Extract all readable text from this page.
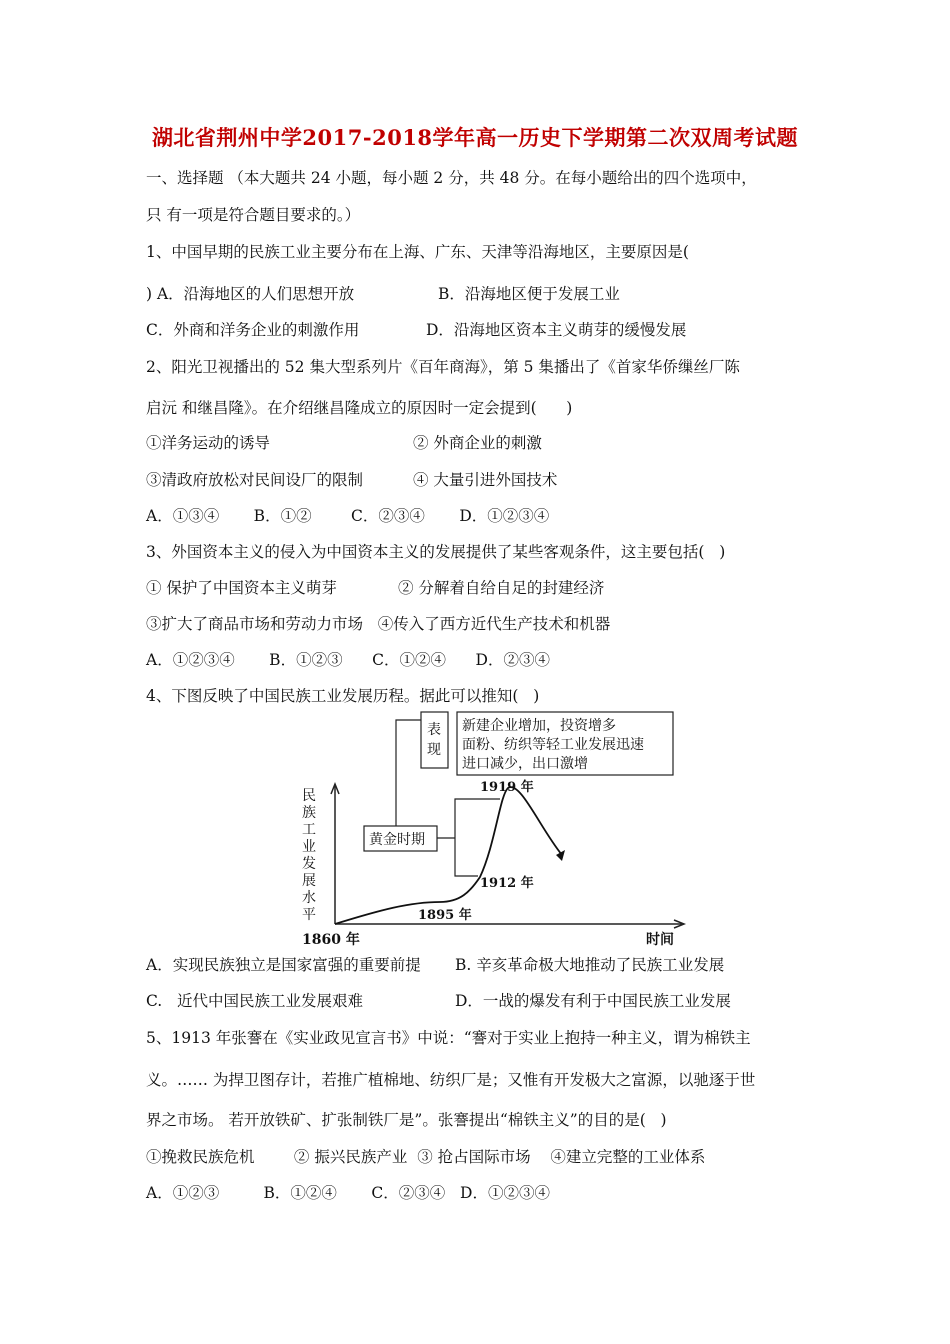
湖北省荆州中学2017-2018学年高一历史下学期第二次双周考试题
一、选择题 （本大题共 24 小题，每小题 2 分，共 48 分。在每小题给出的四个选项中，
只 有一项是符合题目要求的。）
1、中国早期的民族工业主要分布在上海、广东、天津等沿海地区，主要原因是(
) A．沿海地区的人们思想开放	B．沿海地区便于发展工业
C．外商和洋务企业的刺激作用	D．沿海地区资本主义萌芽的缓慢发展
2、阳光卫视播出的 52 集大型系列片《百年商海》，第 5 集播出了《首家华侨缫丝厂陈
启沅 和继昌隆》。在介绍继昌隆成立的原因时一定会提到(      )
①洋务运动的诱导	② 外商企业的刺激
③清政府放松对民间设厂的限制	④ 大量引进外国技术
A．①③④       B．①②        C．②③④       D．①②③④
3、外国资本主义的侵入为中国资本主义的发展提供了某些客观条件，这主要包括(   )
① 保护了中国资本主义萌芽	② 分解着自给自足的封建经济
③扩大了商品市场和劳动力市场   ④传入了西方近代生产技术和机器
A．①②③④       B．①②③      C．①②④      D．②③④
4、下图反映了中国民族工业发展历程。据此可以推知(   )
民族工业发展水平
1860 年	时间
1895 年
1912 年
1919 年
黄金时期
表
现
新建企业增加，投资增多
面粉、纺织等轻工业发展迅速
进口减少，出口激增
A．实现民族独立是国家富强的重要前提 B. 辛亥革命极大地推动了民族工业发展
C.   近代中国民族工业发展艰难	D．一战的爆发有利于中国民族工业发展
5、1913 年张謇在《实业政见宣言书》中说：“謇对于实业上抱持一种主义，谓为棉铁主
义。…… 为捍卫图存计，若推广植棉地、纺织厂是；又惟有开发极大之富源，以驰逐于世
界之市场。 若开放铁矿、扩张制铁厂是”。张謇提出“棉铁主义”的目的是(   )
①挽救民族危机        ② 振兴民族产业  ③ 抢占国际市场    ④建立完整的工业体系
A．①②③         B．①②④       C．②③④   D．①②③④
